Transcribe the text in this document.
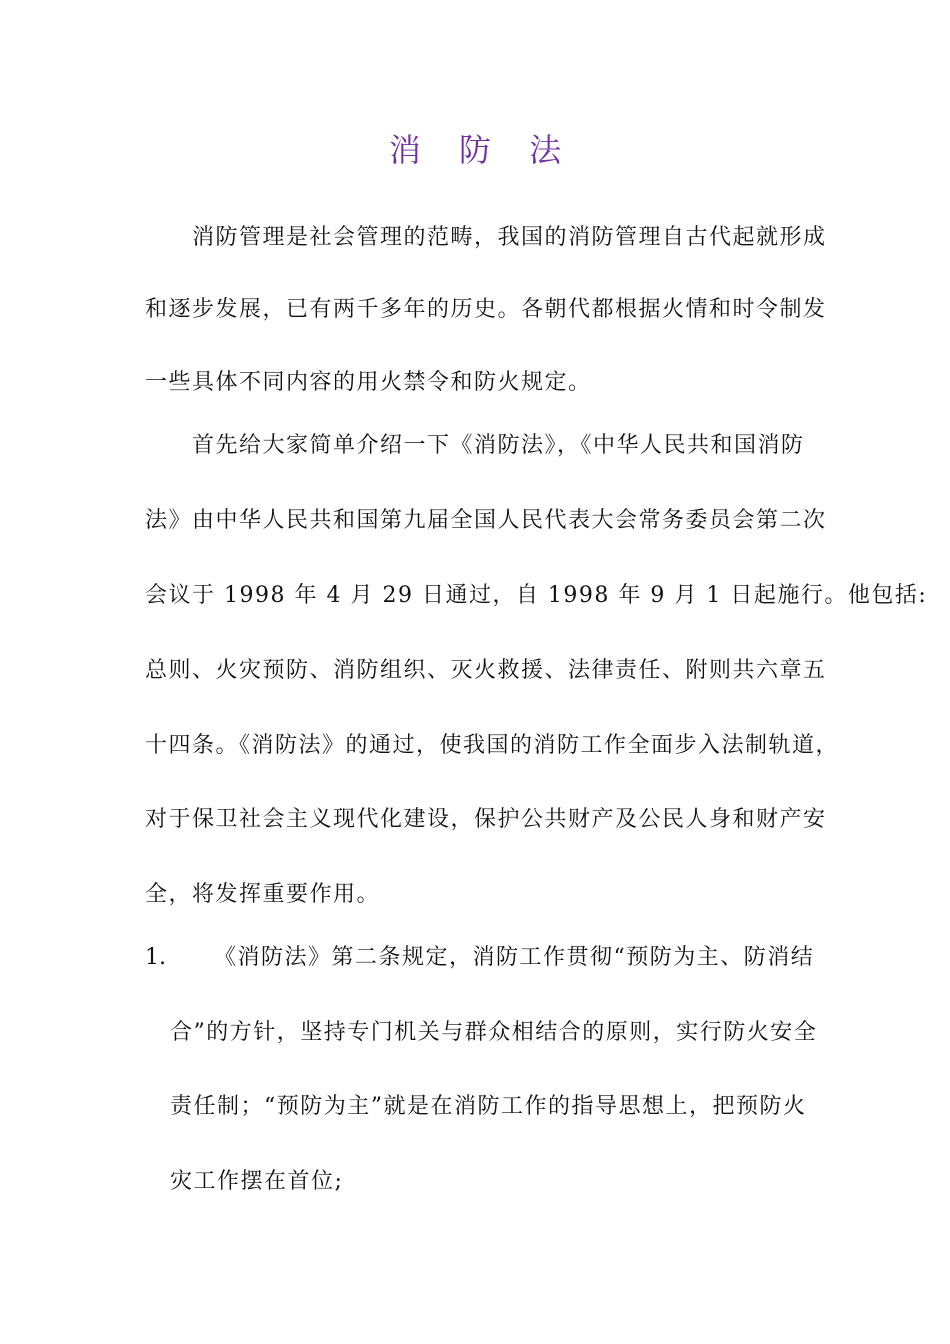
消 防 法
　　消防管理是社会管理的范畴，我国的消防管理自古代起就形成
和逐步发展，已有两千多年的历史。各朝代都根据火情和时令制发
一些具体不同内容的用火禁令和防火规定。
　　首先给大家简单介绍一下《消防法》，《中华人民共和国消防
法》由中华人民共和国第九届全国人民代表大会常务委员会第二次
会议于 1998 年 4 月 29 日通过，自 1998 年 9 月 1 日起施行。他包括:
总则、火灾预防、消防组织、灭火救援、法律责任、附则共六章五
十四条。《消防法》的通过，使我国的消防工作全面步入法制轨道，
对于保卫社会主义现代化建设，保护公共财产及公民人身和财产安
全，将发挥重要作用。
1. 《消防法》第二条规定，消防工作贯彻“预防为主、防消结
合”的方针，坚持专门机关与群众相结合的原则，实行防火安全
责任制；“预防为主”就是在消防工作的指导思想上，把预防火
灾工作摆在首位;
